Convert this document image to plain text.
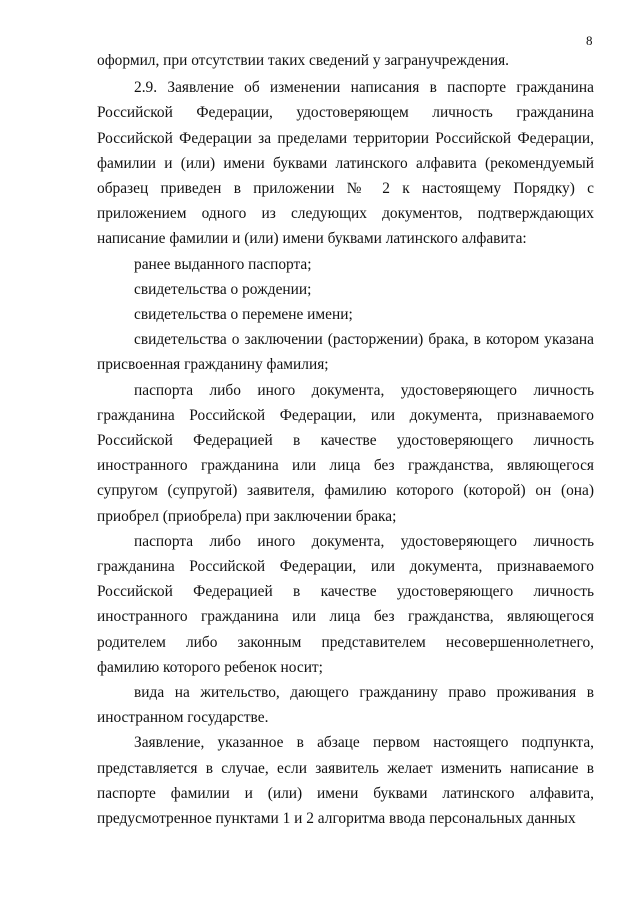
8

оформил, при отсутствии таких сведений у загранучреждения.

2.9. Заявление об изменении написания в паспорте гражданина Российской Федерации, удостоверяющем личность гражданина Российской Федерации за пределами территории Российской Федерации, фамилии и (или) имени буквами латинского алфавита (рекомендуемый образец приведен в приложении № 2 к настоящему Порядку) с приложением одного из следующих документов, подтверждающих написание фамилии и (или) имени буквами латинского алфавита:

ранее выданного паспорта;

свидетельства о рождении;

свидетельства о перемене имени;

свидетельства о заключении (расторжении) брака, в котором указана присвоенная гражданину фамилия;

паспорта либо иного документа, удостоверяющего личность гражданина Российской Федерации, или документа, признаваемого Российской Федерацией в качестве удостоверяющего личность иностранного гражданина или лица без гражданства, являющегося супругом (супругой) заявителя, фамилию которого (которой) он (она) приобрел (приобрела) при заключении брака;

паспорта либо иного документа, удостоверяющего личность гражданина Российской Федерации, или документа, признаваемого Российской Федерацией в качестве удостоверяющего личность иностранного гражданина или лица без гражданства, являющегося родителем либо законным представителем несовершеннолетнего, фамилию которого ребенок носит;

вида на жительство, дающего гражданину право проживания в иностранном государстве.

Заявление, указанное в абзаце первом настоящего подпункта, представляется в случае, если заявитель желает изменить написание в паспорте фамилии и (или) имени буквами латинского алфавита, предусмотренное пунктами 1 и 2 алгоритма ввода персональных данных
